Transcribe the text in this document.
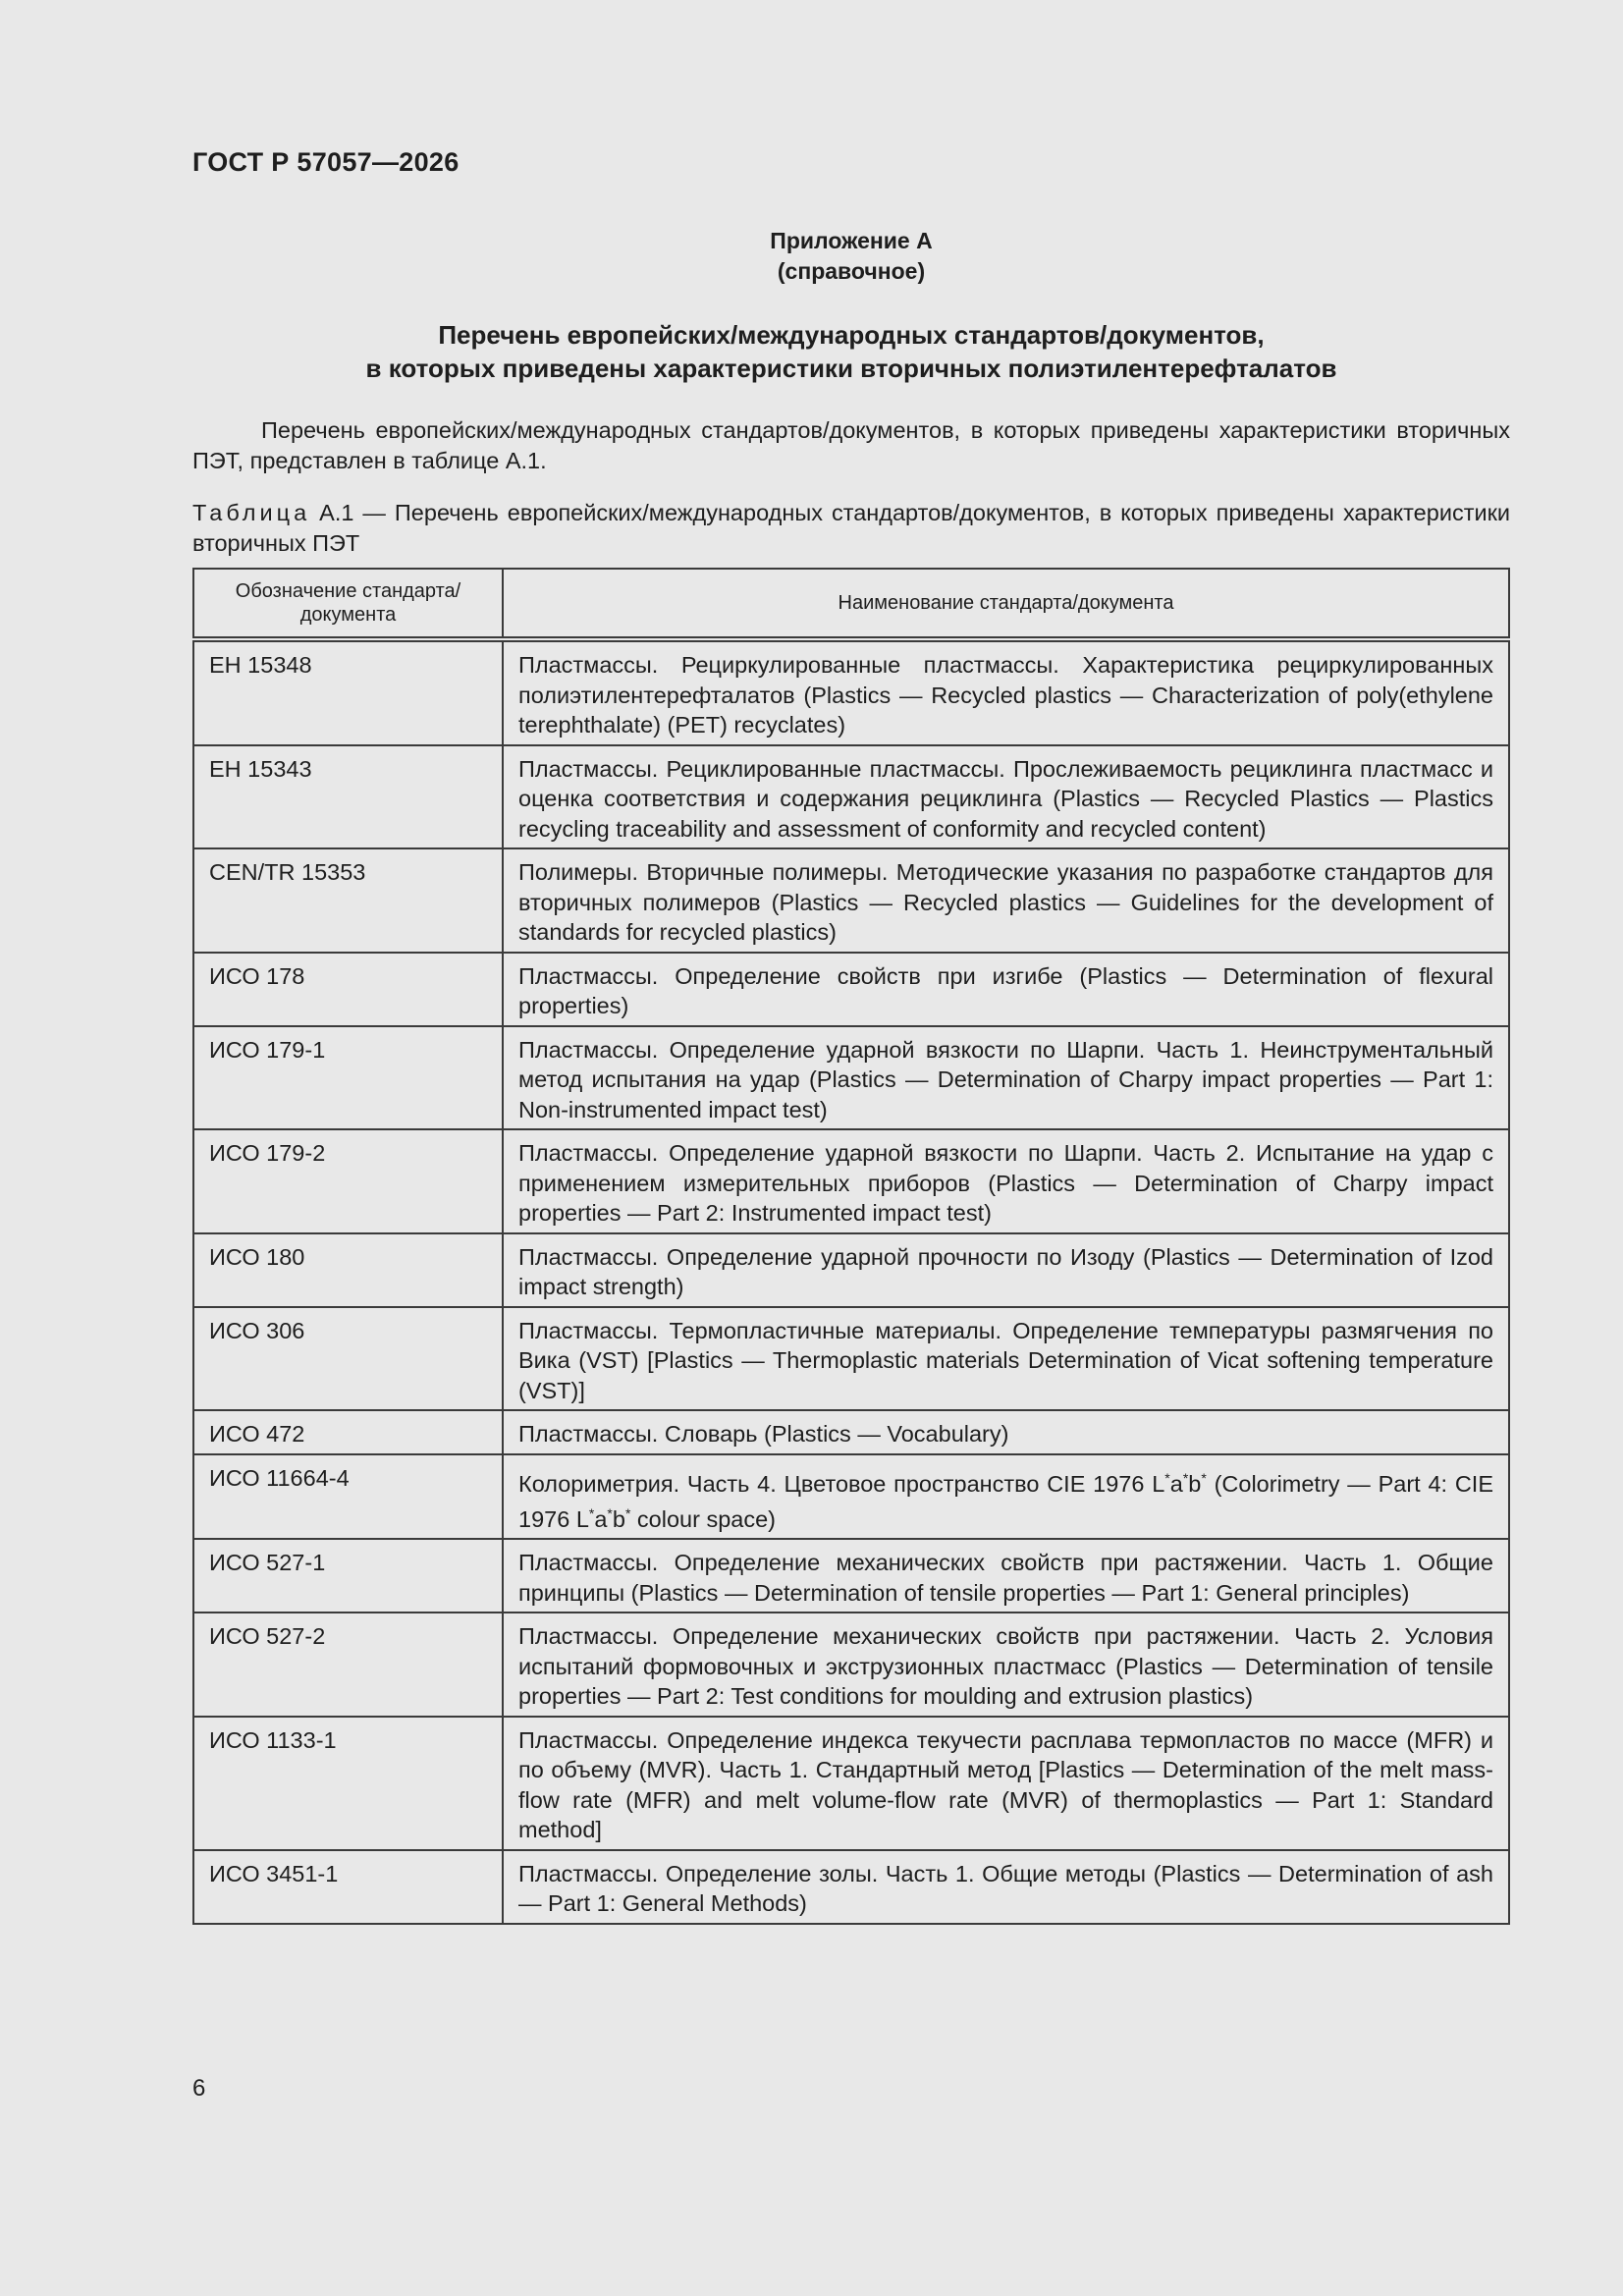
ГОСТ Р 57057—2026
Приложение А
(справочное)
Перечень европейских/международных стандартов/документов,
в которых приведены характеристики вторичных полиэтилентерефталатов

Перечень европейских/международных стандартов/документов, в которых приведены характеристики вторичных ПЭТ, представлен в таблице А.1.

Таблица А.1 — Перечень европейских/международных стандартов/документов, в которых приведены характеристики вторичных ПЭТ

Обозначение стандарта/ документа	Наименование стандарта/документа
ЕН 15348	Пластмассы. Рециркулированные пластмассы. Характеристика рециркулированных полиэтилентерефталатов (Plastics — Recycled plastics — Characterization of poly(ethylene terephthalate) (PET) recyclates)
ЕН 15343	Пластмассы. Рециклированные пластмассы. Прослеживаемость рециклинга пластмасс и оценка соответствия и содержания рециклинга (Plastics — Recycled Plastics — Plastics recycling traceability and assessment of conformity and recycled content)
CEN/TR 15353	Полимеры. Вторичные полимеры. Методические указания по разработке стандартов для вторичных полимеров (Plastics — Recycled plastics — Guidelines for the development of standards for recycled plastics)
ИСО 178	Пластмассы. Определение свойств при изгибе (Plastics — Determination of flexural properties)
ИСО 179-1	Пластмассы. Определение ударной вязкости по Шарпи. Часть 1. Неинструментальный метод испытания на удар (Plastics — Determination of Charpy impact properties — Part 1: Non-instrumented impact test)
ИСО 179-2	Пластмассы. Определение ударной вязкости по Шарпи. Часть 2. Испытание на удар с применением измерительных приборов (Plastics — Determination of Charpy impact properties — Part 2: Instrumented impact test)
ИСО 180	Пластмассы. Определение ударной прочности по Изоду (Plastics — Determination of Izod impact strength)
ИСО 306	Пластмассы. Термопластичные материалы. Определение температуры размягчения по Вика (VST) [Plastics — Thermoplastic materials Determination of Vicat softening temperature (VST)]
ИСО 472	Пластмассы. Словарь (Plastics — Vocabulary)
ИСО 11664-4	Колориметрия. Часть 4. Цветовое пространство CIE 1976 L*a*b* (Colorimetry — Part 4: CIE 1976 L*a*b* colour space)
ИСО 527-1	Пластмассы. Определение механических свойств при растяжении. Часть 1. Общие принципы (Plastics — Determination of tensile properties — Part 1: General principles)
ИСО 527-2	Пластмассы. Определение механических свойств при растяжении. Часть 2. Условия испытаний формовочных и экструзионных пластмасс (Plastics — Determination of tensile properties — Part 2: Test conditions for moulding and extrusion plastics)
ИСО 1133-1	Пластмассы. Определение индекса текучести расплава термопластов по массе (MFR) и по объему (MVR). Часть 1. Стандартный метод [Plastics — Determination of the melt mass-flow rate (MFR) and melt volume-flow rate (MVR) of thermoplastics — Part 1: Standard method]
ИСО 3451-1	Пластмассы. Определение золы. Часть 1. Общие методы (Plastics — Determination of ash — Part 1: General Methods)
6
